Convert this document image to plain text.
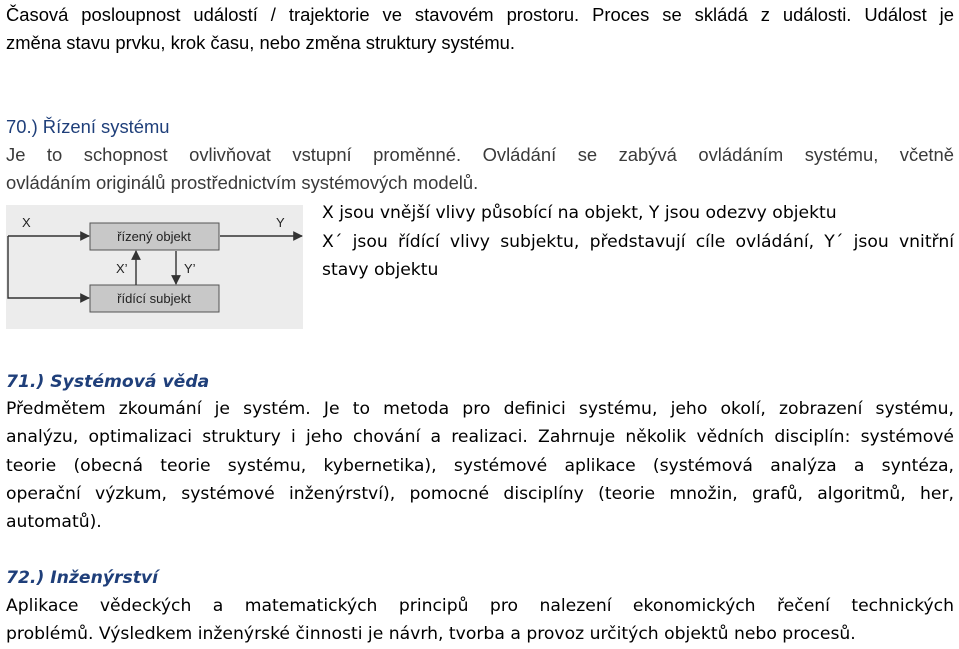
Časová posloupnost událostí / trajektorie ve stavovém prostoru. Proces se skládá z události. Událost je
změna stavu prvku, krok času, nebo změna struktury systému.
70.) Řízení systému
Je to schopnost ovlivňovat vstupní proměnné. Ovládání se zabývá ovládáním systému, včetně
ovládáním originálů prostřednictvím systémových modelů.
X	Y
X’	Y’
řízený objekt
řídící subjekt
X jsou vnější vlivy působící na objekt, Y jsou odezvy objektu
X´ jsou řídící vlivy subjektu, představují cíle ovládání, Y´ jsou vnitřní
stavy objektu
71.) Systémová věda
Předmětem zkoumání je systém. Je to metoda pro definici systému, jeho okolí, zobrazení systému,
analýzu, optimalizaci struktury i jeho chování a realizaci. Zahrnuje několik vědních disciplín: systémové
teorie (obecná teorie systému, kybernetika), systémové aplikace (systémová analýza a syntéza,
operační výzkum, systémové inženýrství), pomocné disciplíny (teorie množin, grafů, algoritmů, her,
automatů).
72.) Inženýrství
Aplikace vědeckých a matematických principů pro nalezení ekonomických řečení technických
problémů. Výsledkem inženýrské činnosti je návrh, tvorba a provoz určitých objektů nebo procesů.
